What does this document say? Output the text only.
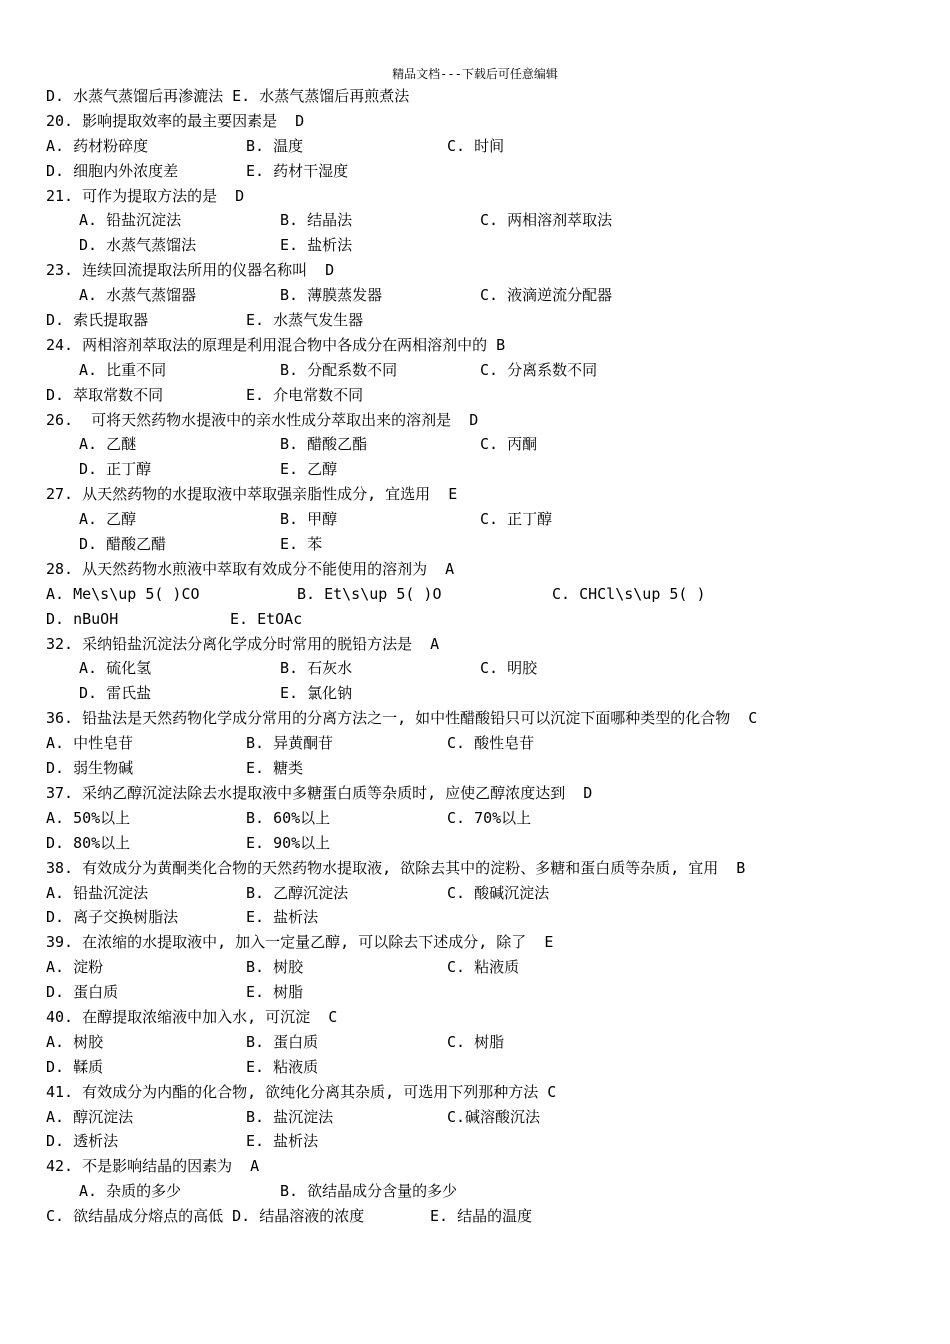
精品文档---下载后可任意编辑
D. 水蒸气蒸馏后再渗漉法 E. 水蒸气蒸馏后再煎煮法
20. 影响提取效率的最主要因素是  D
A. 药材粉碎度	B. 温度	C. 时间
D. 细胞内外浓度差	E. 药材干湿度
21. 可作为提取方法的是  D
A. 铅盐沉淀法	B. 结晶法	C. 两相溶剂萃取法
D. 水蒸气蒸馏法	E. 盐析法
23. 连续回流提取法所用的仪器名称叫  D
A. 水蒸气蒸馏器	B. 薄膜蒸发器	C. 液滴逆流分配器
D. 索氏提取器	E. 水蒸气发生器
24. 两相溶剂萃取法的原理是利用混合物中各成分在两相溶剂中的 B
A. 比重不同	B. 分配系数不同	C. 分离系数不同
D. 萃取常数不同	E. 介电常数不同
26.  可将天然药物水提液中的亲水性成分萃取出来的溶剂是  D
A. 乙醚	B. 醋酸乙酯	C. 丙酮
D. 正丁醇	E. 乙醇
27. 从天然药物的水提取液中萃取强亲脂性成分, 宜选用  E
A. 乙醇	B. 甲醇	C. 正丁醇
D. 醋酸乙醋	E. 苯
28. 从天然药物水煎液中萃取有效成分不能使用的溶剂为  A
A. Me\s\up 5( )CO	B. Et\s\up 5( )O	C. CHCl\s\up 5( )
D. nBuOH	E. EtOAc
32. 采纳铅盐沉淀法分离化学成分时常用的脱铅方法是  A
A. 硫化氢	B. 石灰水	C. 明胶
D. 雷氏盐	E. 氯化钠
36. 铅盐法是天然药物化学成分常用的分离方法之一, 如中性醋酸铅只可以沉淀下面哪种类型的化合物  C
A. 中性皂苷	B. 异黄酮苷	C. 酸性皂苷
D. 弱生物碱	E. 糖类
37. 采纳乙醇沉淀法除去水提取液中多糖蛋白质等杂质时, 应使乙醇浓度达到  D
A. 50%以上	B. 60%以上	C. 70%以上
D. 80%以上	E. 90%以上
38. 有效成分为黄酮类化合物的天然药物水提取液, 欲除去其中的淀粉、多糖和蛋白质等杂质, 宜用  B
A. 铅盐沉淀法	B. 乙醇沉淀法	C. 酸碱沉淀法
D. 离子交换树脂法	E. 盐析法
39. 在浓缩的水提取液中, 加入一定量乙醇, 可以除去下述成分, 除了  E
A. 淀粉	B. 树胶	C. 粘液质
D. 蛋白质	E. 树脂
40. 在醇提取浓缩液中加入水, 可沉淀  C
A. 树胶	B. 蛋白质	C. 树脂
D. 鞣质	E. 粘液质
41. 有效成分为内酯的化合物, 欲纯化分离其杂质, 可选用下列那种方法 C
A. 醇沉淀法	B. 盐沉淀法	C.碱溶酸沉法
D. 透析法	E. 盐析法
42. 不是影响结晶的因素为  A
A. 杂质的多少	B. 欲结晶成分含量的多少
C. 欲结晶成分熔点的高低 D. 结晶溶液的浓度	E. 结晶的温度
